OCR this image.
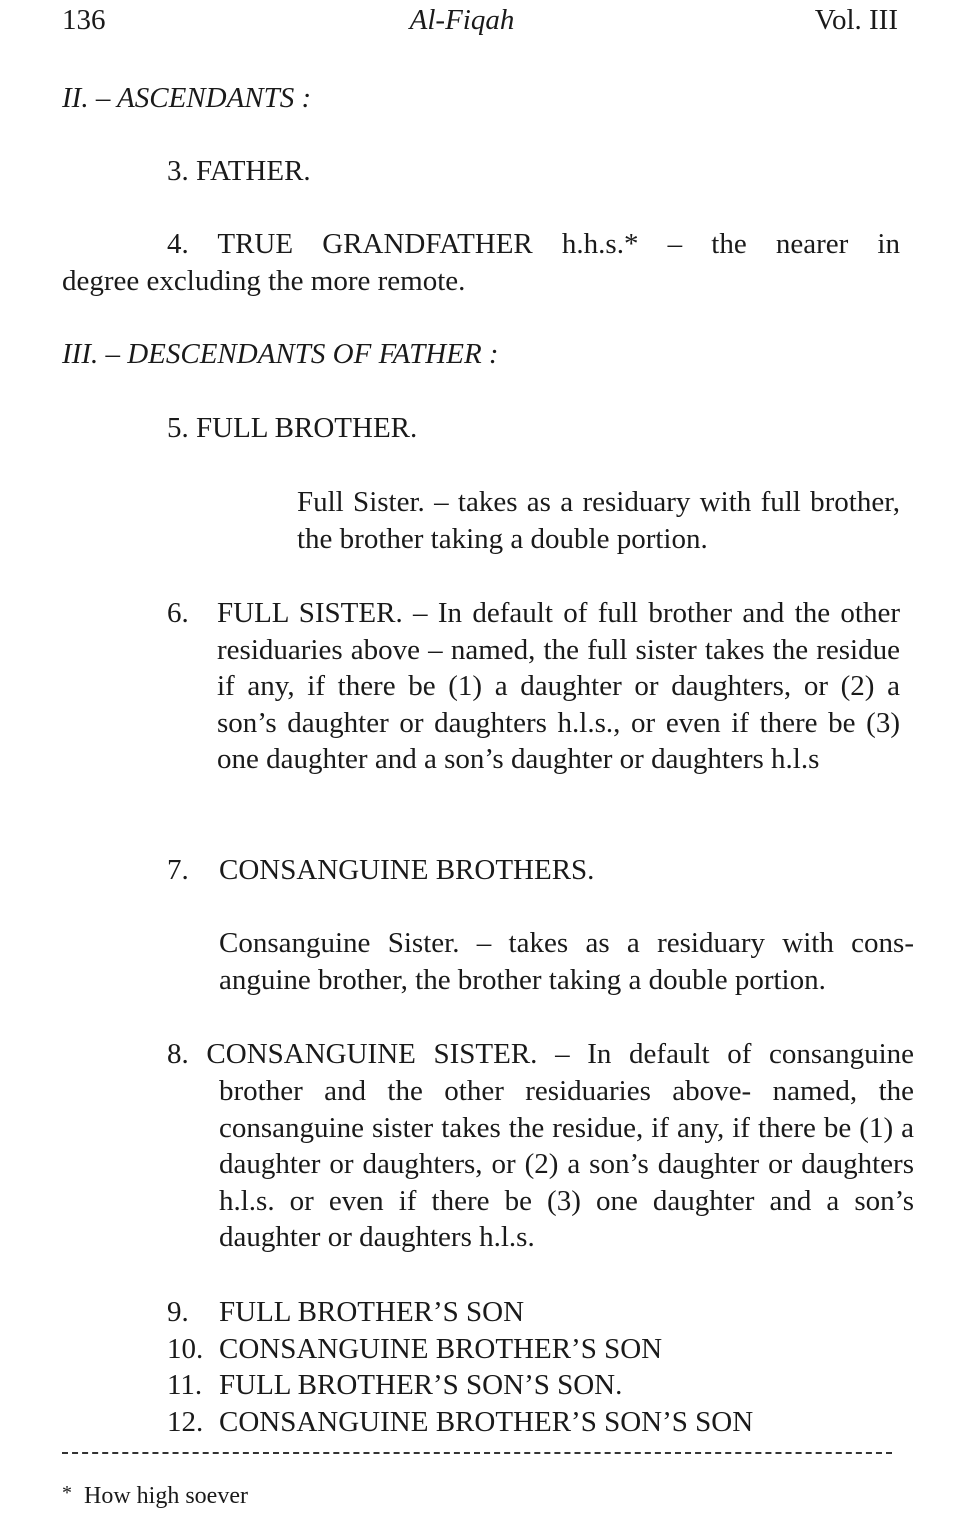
136	Al-Fiqah	Vol. III
II. – ASCENDANTS :
3. FATHER.
4. TRUE GRANDFATHER h.h.s.* – the nearer in
degree excluding the more remote.
III. – DESCENDANTS OF FATHER :
5. FULL BROTHER.
Full Sister. – takes as a residuary with full brother, the brother taking a double portion.
6. FULL SISTER. – In default of full brother and the other residuaries above – named, the full sister takes the residue if any, if there be (1) a daughter or daughters, or (2) a son’s daughter or daughters h.l.s., or even if there be (3) one daughter and a son’s daughter or daughters h.l.s
7. CONSANGUINE BROTHERS.
Consanguine Sister. – takes as a residuary with cons-anguine brother, the brother taking a double portion.
8. CONSANGUINE SISTER. – In default of consanguine
brother and the other residuaries above- named, the consanguine sister takes the residue, if any, if there be (1) a daughter or daughters, or (2) a son’s daughter or daughters h.l.s. or even if there be (3) one daughter and a son’s daughter or daughters h.l.s.
9. FULL BROTHER’S SON
10. CONSANGUINE BROTHER’S SON
11. FULL BROTHER’S SON’S SON.
12. CONSANGUINE BROTHER’S SON’S SON
* How high soever
